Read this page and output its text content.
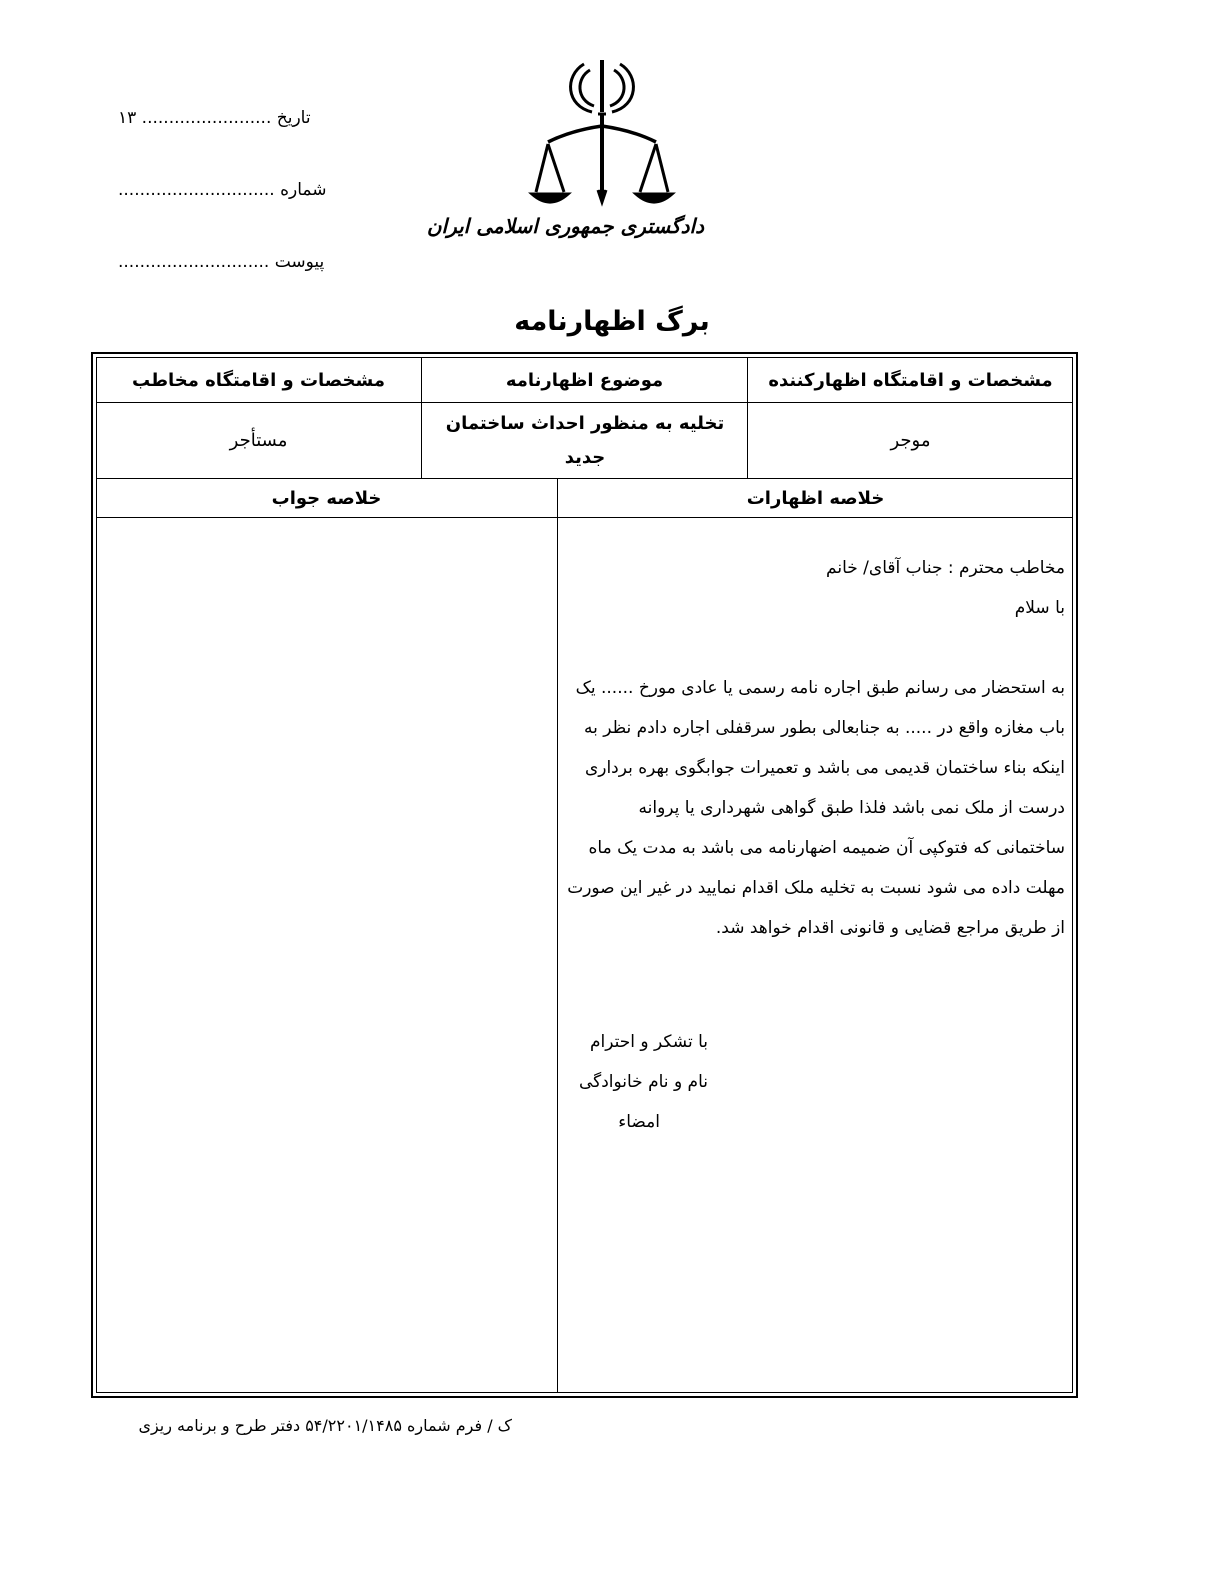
تاریخ ........................ ۱۳
شماره .............................
پیوست ............................
دادگستری جمهوری اسلامی ایران
برگ اظهارنامه
مشخصات و اقامتگاه اظهارکننده
موضوع اظهارنامه
مشخصات و اقامتگاه مخاطب
موجر
تخلیه به منظور احداث ساختمان جدید
مستأجر
خلاصه اظهارات
خلاصه جواب

مخاطب محترم : جناب آقای/ خانم

با سلام

به استحضار می رسانم طبق اجاره نامه رسمی یا عادی مورخ ...... یک باب مغازه واقع در ..... به جنابعالی بطور سرقفلی اجاره دادم نظر به اینکه بناء ساختمان قدیمی می باشد و تعمیرات جوابگوی بهره برداری درست از ملک نمی باشد فلذا طبق گواهی شهرداری یا پروانه ساختمانی که فتوکپی آن ضمیمه اضهارنامه می باشد به مدت یک ماه مهلت داده می شود نسبت به تخلیه ملک اقدام نمایید در غیر این صورت از طریق مراجع قضایی و قانونی اقدام خواهد شد.

با تشکر و احترام
نام و نام خانوادگی
امضاء
ک / فرم شماره ۵۴/۲۲۰۱/۱۴۸۵ دفتر طرح و برنامه ریزی
